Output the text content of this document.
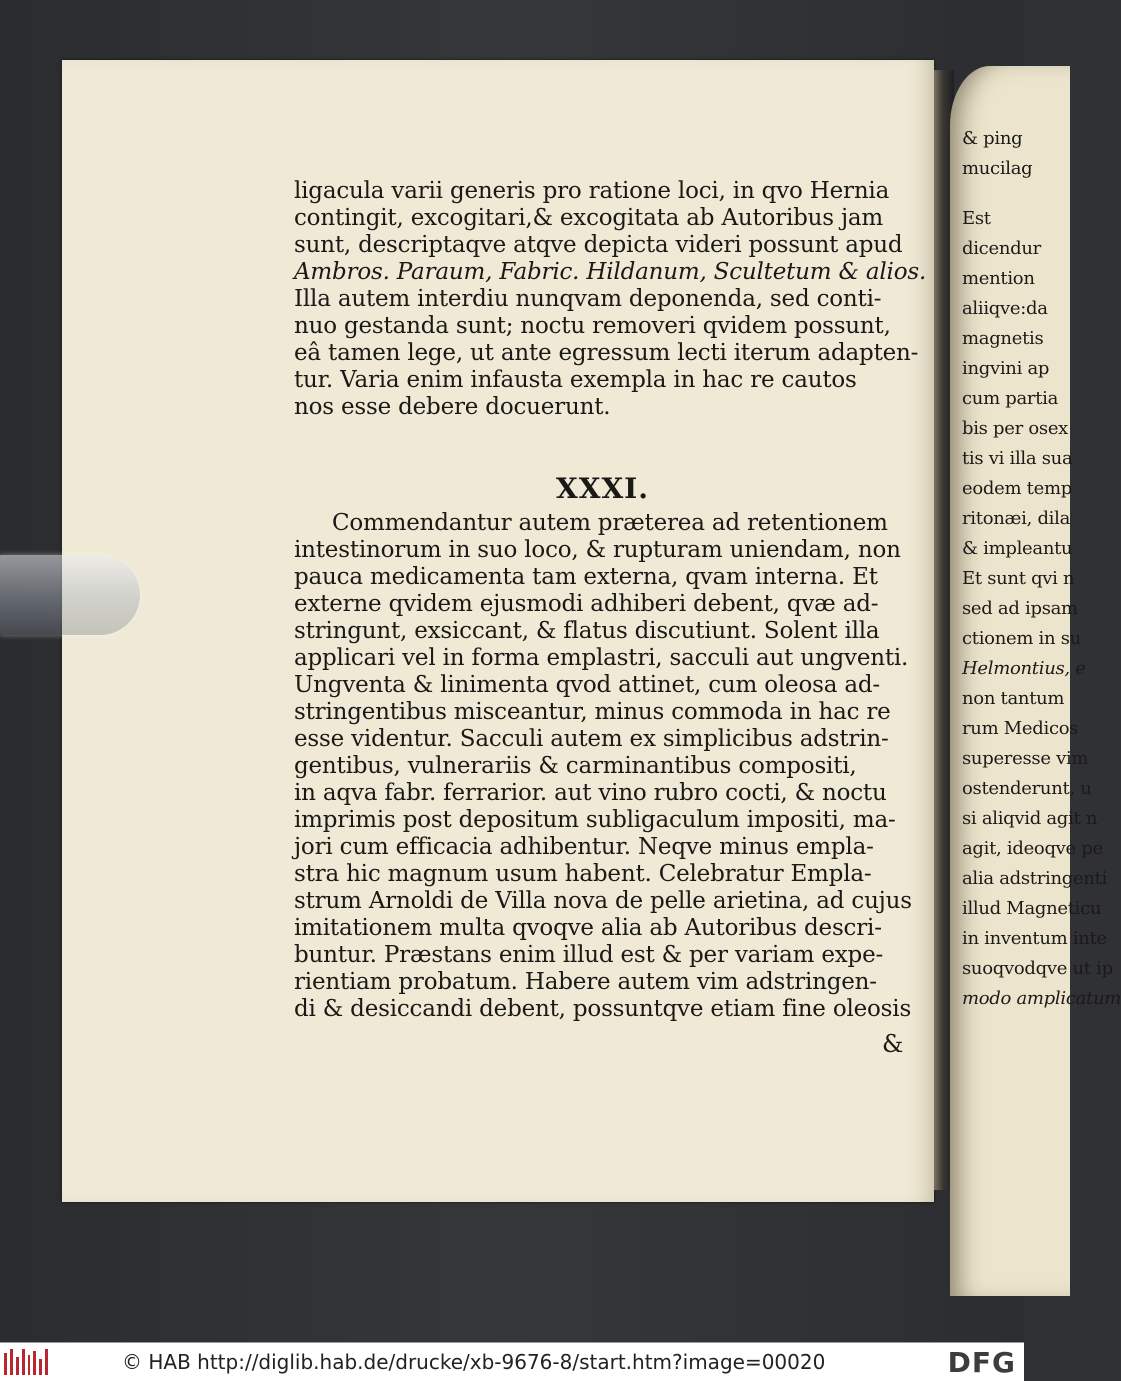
ligacula varii generis pro ratione loci, in qvo Hernia
contingit, excogitari,& excogitata ab Autoribus jam
sunt, descriptaqve atqve depicta videri possunt apud
Ambros. Paraum, Fabric. Hildanum, Scultetum & alios.
Illa autem interdiu nunqvam deponenda, sed conti-
nuo gestanda sunt; noctu removeri qvidem possunt,
eâ tamen lege, ut ante egressum lecti iterum adapten-
tur. Varia enim infausta exempla in hac re cautos
nos esse debere docuerunt.
XXXI.
Commendantur autem præterea ad retentionem
intestinorum in suo loco, & rupturam uniendam, non
pauca medicamenta tam externa, qvam interna. Et
externe qvidem ejusmodi adhiberi debent, qvæ ad-
stringunt, exsiccant, & flatus discutiunt. Solent illa
applicari vel in forma emplastri, sacculi aut ungventi.
Ungventa & linimenta qvod attinet, cum oleosa ad-
stringentibus misceantur, minus commoda in hac re
esse videntur. Sacculi autem ex simplicibus adstrin-
gentibus, vulnerariis & carminantibus compositi,
in aqva fabr. ferrarior. aut vino rubro cocti, & noctu
imprimis post depositum subligaculum impositi, ma-
jori cum efficacia adhibentur. Neqve minus empla-
stra hic magnum usum habent. Celebratur Empla-
strum Arnoldi de Villa nova de pelle arietina, ad cujus
imitationem multa qvoqve alia ab Autoribus descri-
buntur. Præstans enim illud est & per variam expe-
rientiam probatum. Habere autem vim adstringen-
di & desiccandi debent, possuntqve etiam fine oleosis
&
& ping
mucilag
Est
dicendur
mention
aliiqve:da
magnetis
ingvini ap
cum partia
bis per osex
tis vi illa sua
eodem temp
ritonæi, dila
& impleantu
Et sunt qvi n
sed ad ipsam
ctionem in su
Helmontius, e
non tantum
rum Medicos
superesse vim
ostenderunt, u
si aliqvid agit n
agit, ideoqve pe
alia adstringenti
illud Magneticu
in inventum inte
suoqvodqve ut ip
modo amplicatum
© HAB http://diglib.hab.de/drucke/xb-9676-8/start.htm?image=00020	DFG
